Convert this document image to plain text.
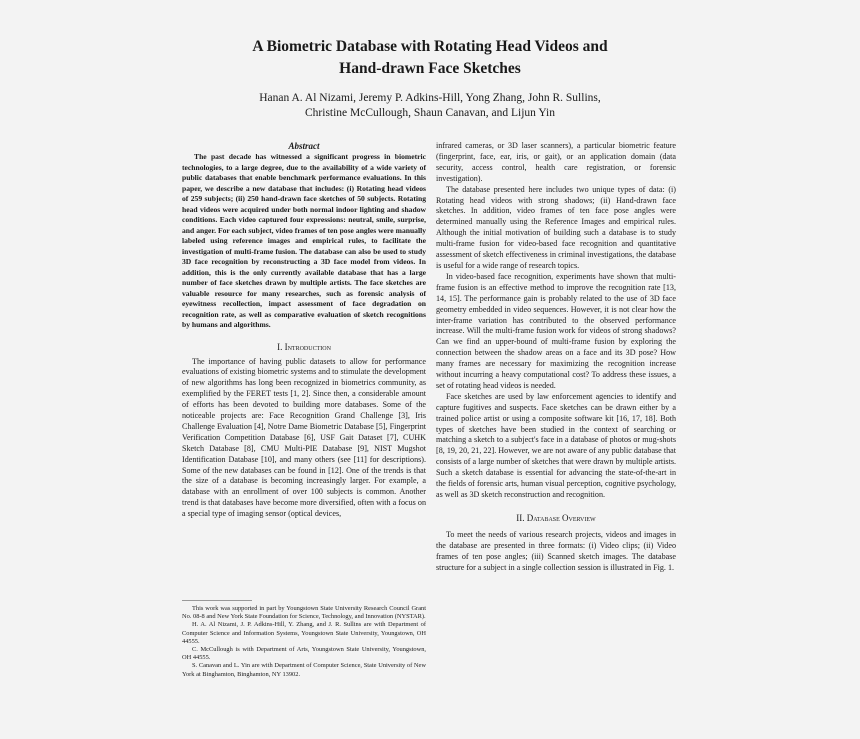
A Biometric Database with Rotating Head Videos and
Hand-drawn Face Sketches
Hanan A. Al Nizami, Jeremy P. Adkins-Hill, Yong Zhang, John R. Sullins,
Christine McCullough, Shaun Canavan, and Lijun Yin
Abstract

The past decade has witnessed a significant progress in biometric technologies, to a large degree, due to the availability of a wide variety of public databases that enable benchmark performance evaluations. In this paper, we describe a new database that includes: (i) Rotating head videos of 259 subjects; (ii) 250 hand-drawn face sketches of 50 subjects. Rotating head videos were acquired under both normal indoor lighting and shadow conditions. Each video captured four expressions: neutral, smile, surprise, and anger. For each subject, video frames of ten pose angles were manually labeled using reference images and empirical rules, to facilitate the investigation of multi-frame fusion. The database can also be used to study 3D face recognition by reconstructing a 3D face model from videos. In addition, this is the only currently available database that has a large number of face sketches drawn by multiple artists. The face sketches are valuable resource for many researches, such as forensic analysis of eyewitness recollection, impact assessment of face degradation on recognition rate, as well as comparative evaluation of sketch recognitions by humans and algorithms.

I. Introduction

The importance of having public datasets to allow for performance evaluations of existing biometric systems and to stimulate the development of new algorithms has long been recognized in biometrics community, as exemplified by the FERET tests [1, 2]. Since then, a considerable amount of efforts has been devoted to building more databases. Some of the noticeable projects are: Face Recognition Grand Challenge [3], Iris Challenge Evaluation [4], Notre Dame Biometric Database [5], Fingerprint Verification Competition Database [6], USF Gait Dataset [7], CUHK Sketch Database [8], CMU Multi-PIE Database [9], NIST Mugshot Identification Database [10], and many others (see [11] for descriptions). Some of the new databases can be found in [12]. One of the trends is that the size of a database is becoming increasingly larger. For example, a database with an enrollment of over 100 subjects is common. Another trend is that databases have become more diversified, often with a focus on a special type of imaging sensor (optical devices,

This work was supported in part by Youngstown State University Research Council Grant No. 08-8 and New York State Foundation for Science, Technology, and Innovation (NYSTAR).

H. A. Al Nizami, J. P. Adkins-Hill, Y. Zhang, and J. R. Sullins are with Department of Computer Science and Information Systems, Youngstown State University, Youngstown, OH 44555.

C. McCullough is with Department of Arts, Youngstown State University, Youngstown, OH 44555.

S. Canavan and L. Yin are with Department of Computer Science, State University of New York at Binghamton, Binghamton, NY 13902.

infrared cameras, or 3D laser scanners), a particular biometric feature (fingerprint, face, ear, iris, or gait), or an application domain (data security, access control, health care registration, or forensic investigation).

The database presented here includes two unique types of data: (i) Rotating head videos with strong shadows; (ii) Hand-drawn face sketches. In addition, video frames of ten face pose angles were determined manually using the Reference Images and empirical rules. Although the initial motivation of building such a database is to study multi-frame fusion for video-based face recognition and quantitative assessment of sketch effectiveness in criminal investigations, the database is useful for a wide range of research topics.

In video-based face recognition, experiments have shown that multi-frame fusion is an effective method to improve the recognition rate [13, 14, 15]. The performance gain is probably related to the use of 3D face geometry embedded in video sequences. However, it is not clear how the inter-frame variation has contributed to the observed performance increase. Will the multi-frame fusion work for videos of strong shadows? Can we find an upper-bound of multi-frame fusion by exploring the connection between the shadow areas on a face and its 3D pose? How many frames are necessary for maximizing the recognition increase without incurring a heavy computational cost? To address these issues, a set of rotating head videos is needed.

Face sketches are used by law enforcement agencies to identify and capture fugitives and suspects. Face sketches can be drawn either by a trained police artist or using a composite software kit [16, 17, 18]. Both types of sketches have been studied in the context of searching or matching a sketch to a subject's face in a database of photos or mug-shots [8, 19, 20, 21, 22]. However, we are not aware of any public database that consists of a large number of sketches that were drawn by multiple artists. Such a sketch database is essential for advancing the state-of-the-art in the fields of forensic arts, human visual perception, cognitive psychology, as well as 3D sketch reconstruction and recognition.

II. Database Overview

To meet the needs of various research projects, videos and images in the database are presented in three formats: (i) Video clips; (ii) Video frames of ten pose angles; (iii) Scanned sketch images. The database structure for a subject in a single collection session is illustrated in Fig. 1.
